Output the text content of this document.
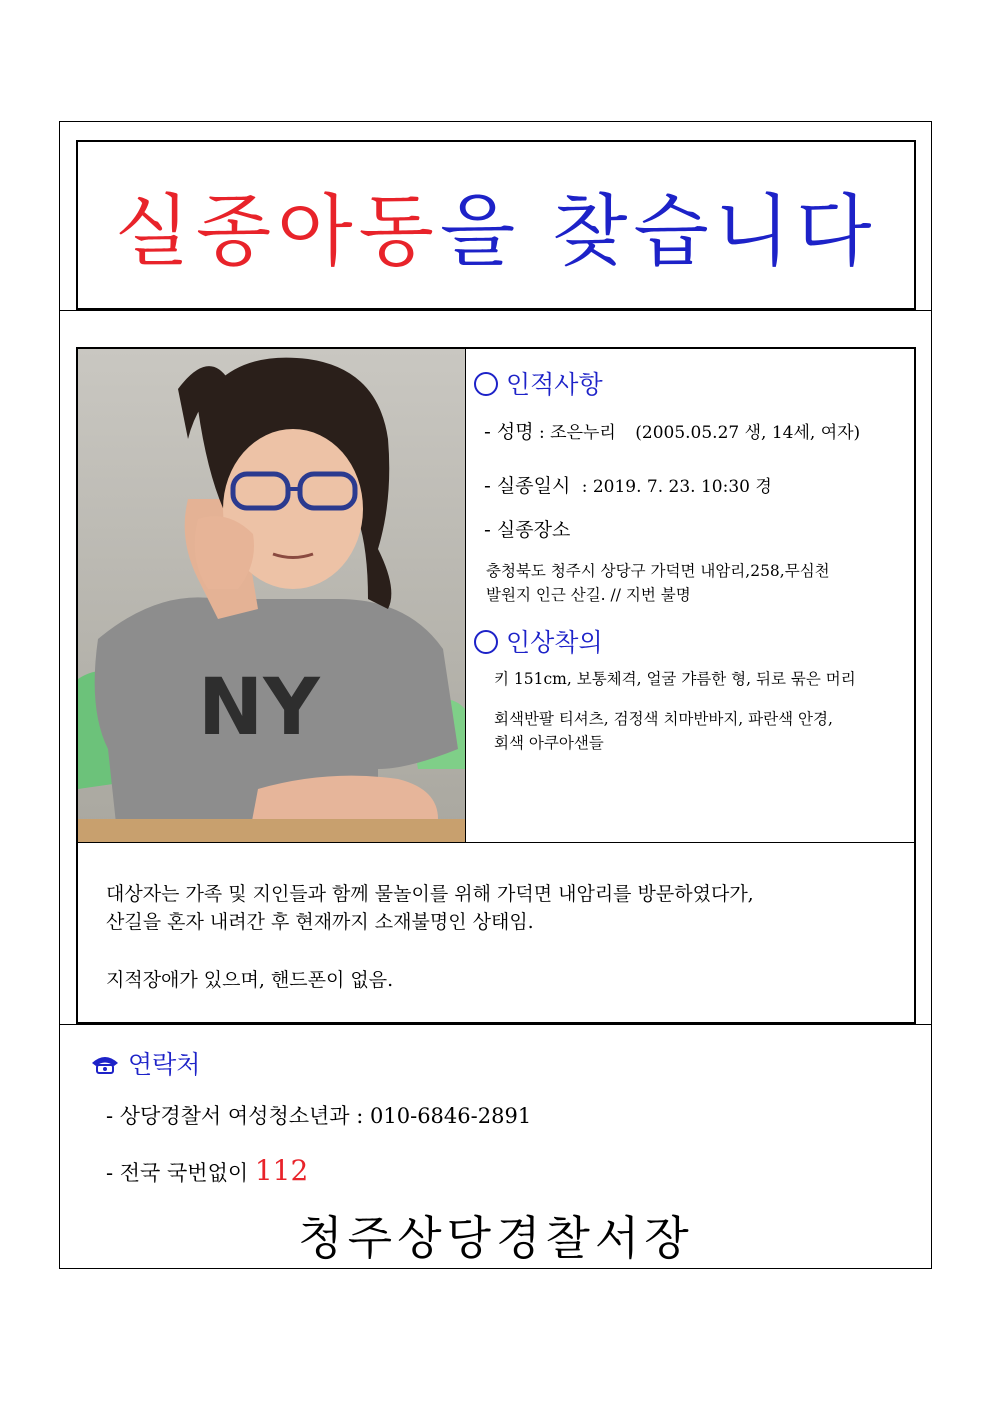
실종아동을 찾습니다
NY
인적사항
- 성명 : 조은누리 (2005.05.27 생, 14세, 여자)
- 실종일시 : 2019. 7. 23. 10:30 경
- 실종장소
충청북도 청주시 상당구 가덕면 내암리,258,무심천
발원지 인근 산길. // 지번 불명
인상착의
키 151cm, 보통체격, 얼굴 갸름한 형, 뒤로 묶은 머리
회색반팔 티셔츠, 검정색 치마반바지, 파란색 안경,
회색 아쿠아샌들
대상자는 가족 및 지인들과 함께 물놀이를 위해 가덕면 내암리를 방문하였다가,
산길을 혼자 내려간 후 현재까지 소재불명인 상태임.
지적장애가 있으며, 핸드폰이 없음.
연락처
- 상당경찰서 여성청소년과 : 010-6846-2891
- 전국 국번없이 112
청주상당경찰서장
